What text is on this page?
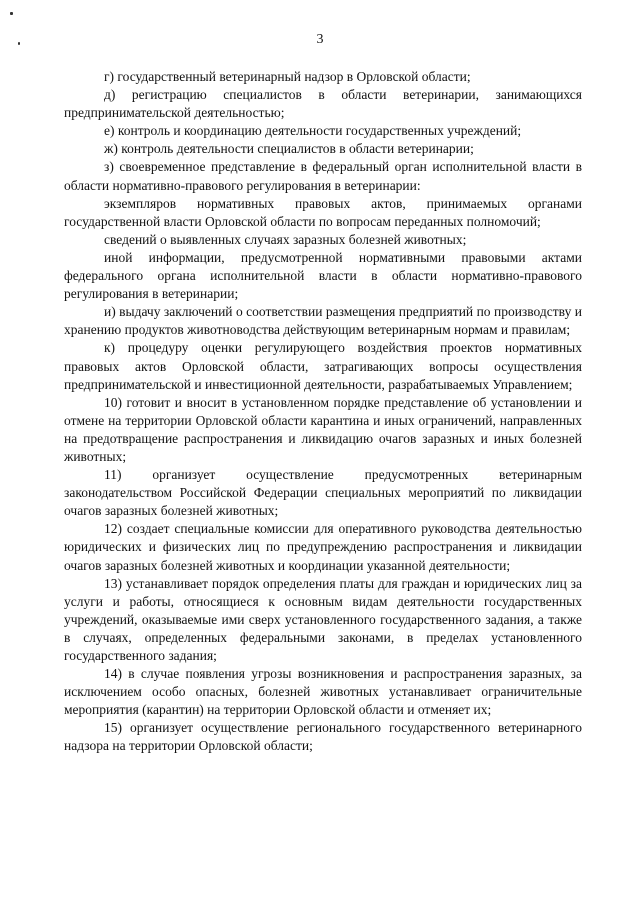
3

г) государственный ветеринарный надзор в Орловской области;

д) регистрацию специалистов в области ветеринарии, занимающихся предпринимательской деятельностью;

е) контроль и координацию деятельности государственных учреждений;

ж) контроль деятельности специалистов в области ветеринарии;

з) своевременное представление в федеральный орган исполнительной власти в области нормативно-правового регулирования в ветеринарии:

экземпляров нормативных правовых актов, принимаемых органами государственной власти Орловской области по вопросам переданных полномочий;

сведений о выявленных случаях заразных болезней животных;

иной информации, предусмотренной нормативными правовыми актами федерального органа исполнительной власти в области нормативно-правового регулирования в ветеринарии;

и) выдачу заключений о соответствии размещения предприятий по производству и хранению продуктов животноводства действующим ветеринарным нормам и правилам;

к) процедуру оценки регулирующего воздействия проектов нормативных правовых актов Орловской области, затрагивающих вопросы осуществления предпринимательской и инвестиционной деятельности, разрабатываемых Управлением;

10) готовит и вносит в установленном порядке представление об установлении и отмене на территории Орловской области карантина и иных ограничений, направленных на предотвращение распространения и ликвидацию очагов заразных и иных болезней животных;

11) организует осуществление предусмотренных ветеринарным законодательством Российской Федерации специальных мероприятий по ликвидации очагов заразных болезней животных;

12) создает специальные комиссии для оперативного руководства деятельностью юридических и физических лиц по предупреждению распространения и ликвидации очагов заразных болезней животных и координации указанной деятельности;

13) устанавливает порядок определения платы для граждан и юридических лиц за услуги и работы, относящиеся к основным видам деятельности государственных учреждений, оказываемые ими сверх установленного государственного задания, а также в случаях, определенных федеральными законами, в пределах установленного государственного задания;

14) в случае появления угрозы возникновения и распространения заразных, за исключением особо опасных, болезней животных устанавливает ограничительные мероприятия (карантин) на территории Орловской области и отменяет их;

15) организует осуществление регионального государственного ветеринарного надзора на территории Орловской области;
